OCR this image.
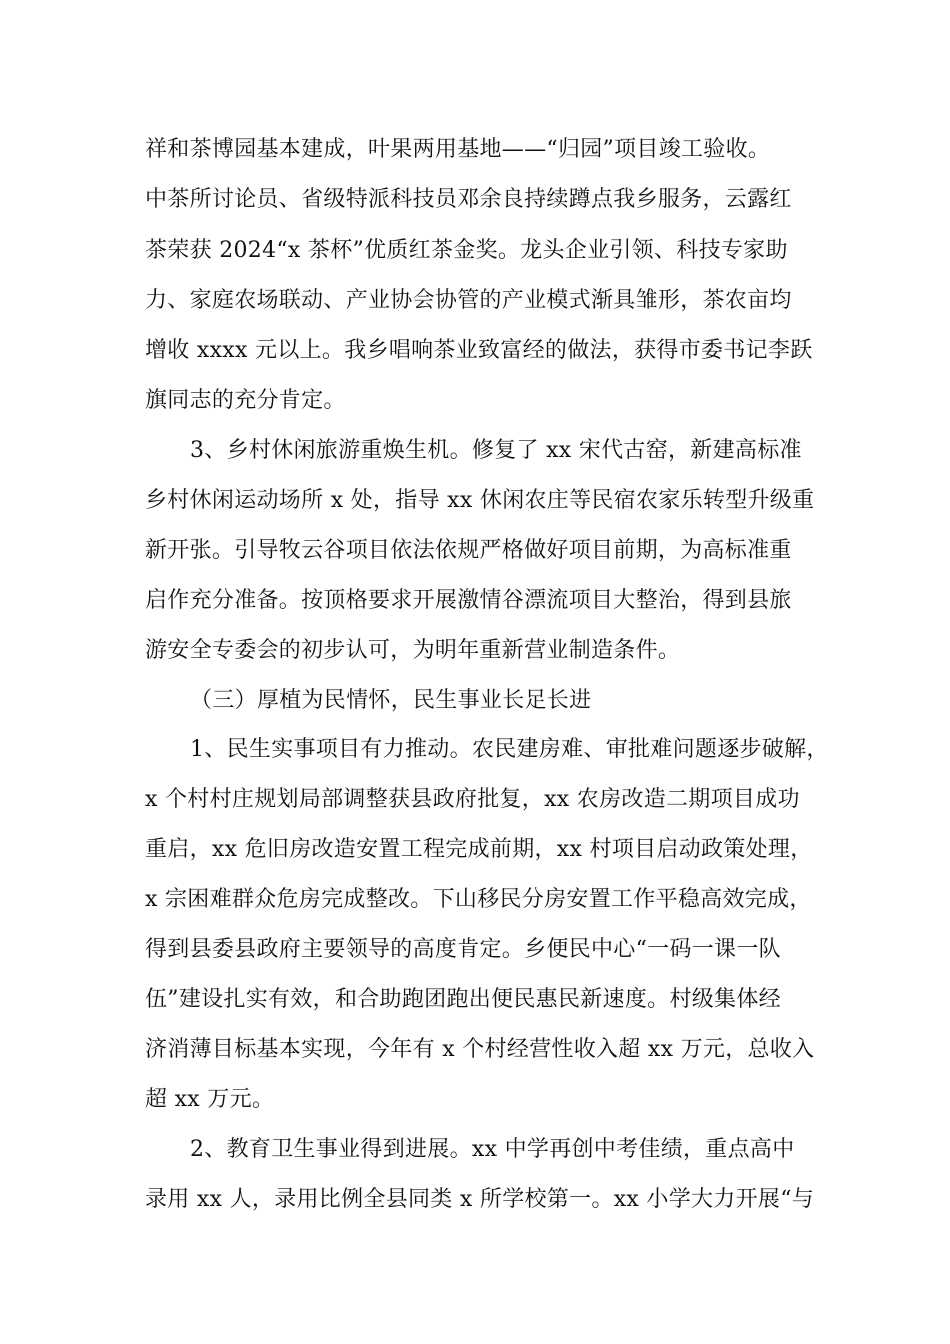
祥和茶博园基本建成，叶果两用基地——“归园”项目竣工验收。
中茶所讨论员、省级特派科技员邓余良持续蹲点我乡服务，云露红
茶荣获 2024“x 茶杯”优质红茶金奖。龙头企业引领、科技专家助
力、家庭农场联动、产业协会协管的产业模式渐具雏形，茶农亩均
增收 xxxx 元以上。我乡唱响茶业致富经的做法，获得市委书记李跃
旗同志的充分肯定。
3、乡村休闲旅游重焕生机。修复了 xx 宋代古窑，新建高标准
乡村休闲运动场所 x 处，指导 xx 休闲农庄等民宿农家乐转型升级重
新开张。引导牧云谷项目依法依规严格做好项目前期，为高标准重
启作充分准备。按顶格要求开展激情谷漂流项目大整治，得到县旅
游安全专委会的初步认可，为明年重新营业制造条件。
（三）厚植为民情怀，民生事业长足长进
1、民生实事项目有力推动。农民建房难、审批难问题逐步破解，
x 个村村庄规划局部调整获县政府批复，xx 农房改造二期项目成功
重启，xx 危旧房改造安置工程完成前期，xx 村项目启动政策处理，
x 宗困难群众危房完成整改。下山移民分房安置工作平稳高效完成，
得到县委县政府主要领导的高度肯定。乡便民中心“一码一课一队
伍”建设扎实有效，和合助跑团跑出便民惠民新速度。村级集体经
济消薄目标基本实现，今年有 x 个村经营性收入超 xx 万元，总收入
超 xx 万元。
2、教育卫生事业得到进展。xx 中学再创中考佳绩，重点高中
录用 xx 人，录用比例全县同类 x 所学校第一。xx 小学大力开展“与
